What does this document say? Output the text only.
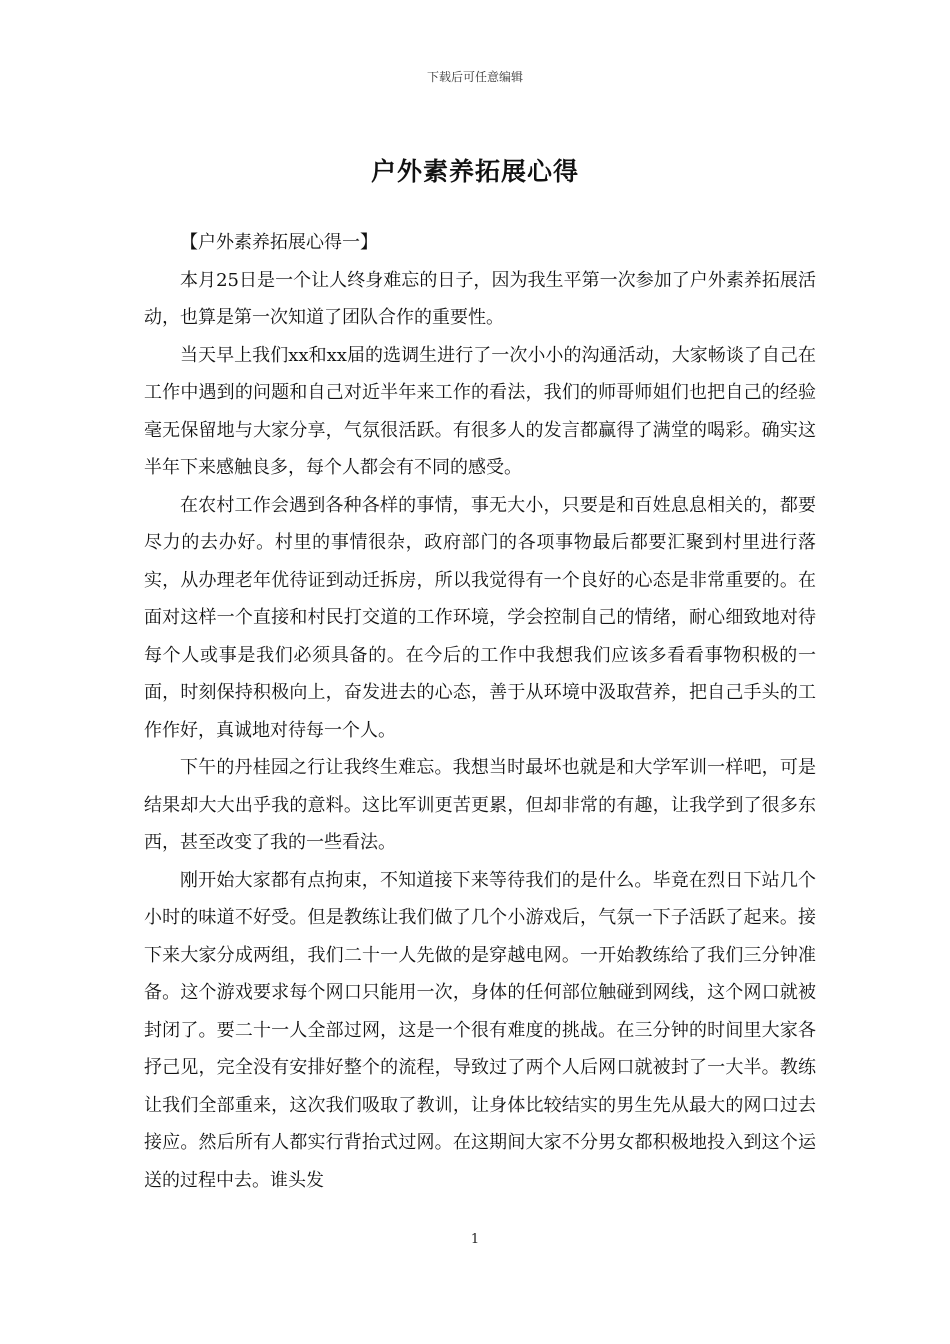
下载后可任意编辑
户外素养拓展心得

【户外素养拓展心得一】

本月25日是一个让人终身难忘的日子，因为我生平第一次参加了户外素养拓展活动，也算是第一次知道了团队合作的重要性。

当天早上我们xx和xx届的选调生进行了一次小小的沟通活动，大家畅谈了自己在工作中遇到的问题和自己对近半年来工作的看法，我们的师哥师姐们也把自己的经验毫无保留地与大家分享，气氛很活跃。有很多人的发言都赢得了满堂的喝彩。确实这半年下来感触良多，每个人都会有不同的感受。

在农村工作会遇到各种各样的事情，事无大小，只要是和百姓息息相关的，都要尽力的去办好。村里的事情很杂，政府部门的各项事物最后都要汇聚到村里进行落实，从办理老年优待证到动迁拆房，所以我觉得有一个良好的心态是非常重要的。在面对这样一个直接和村民打交道的工作环境，学会控制自己的情绪，耐心细致地对待每个人或事是我们必须具备的。在今后的工作中我想我们应该多看看事物积极的一面，时刻保持积极向上，奋发进去的心态，善于从环境中汲取营养，把自己手头的工作作好，真诚地对待每一个人。

下午的丹桂园之行让我终生难忘。我想当时最坏也就是和大学军训一样吧，可是结果却大大出乎我的意料。这比军训更苦更累，但却非常的有趣，让我学到了很多东西，甚至改变了我的一些看法。

刚开始大家都有点拘束，不知道接下来等待我们的是什么。毕竟在烈日下站几个小时的味道不好受。但是教练让我们做了几个小游戏后，气氛一下子活跃了起来。接下来大家分成两组，我们二十一人先做的是穿越电网。一开始教练给了我们三分钟准备。这个游戏要求每个网口只能用一次，身体的任何部位触碰到网线，这个网口就被封闭了。要二十一人全部过网，这是一个很有难度的挑战。在三分钟的时间里大家各抒己见，完全没有安排好整个的流程，导致过了两个人后网口就被封了一大半。教练让我们全部重来，这次我们吸取了教训，让身体比较结实的男生先从最大的网口过去接应。然后所有人都实行背抬式过网。在这期间大家不分男女都积极地投入到这个运送的过程中去。谁头发

1
